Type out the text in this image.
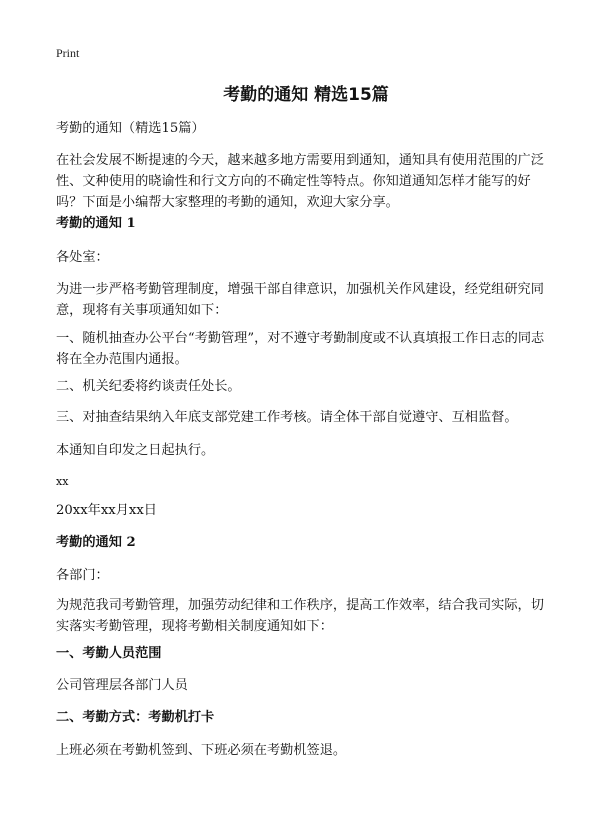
Print
考勤的通知 精选15篇
考勤的通知（精选15篇）
在社会发展不断提速的今天，越来越多地方需要用到通知，通知具有使用范围的广泛性、文种使用的晓谕性和行文方向的不确定性等特点。你知道通知怎样才能写的好吗？下面是小编帮大家整理的考勤的通知，欢迎大家分享。
考勤的通知 1
各处室：
为进一步严格考勤管理制度，增强干部自律意识，加强机关作风建设，经党组研究同意，现将有关事项通知如下：
一、随机抽查办公平台“考勤管理”，对不遵守考勤制度或不认真填报工作日志的同志将在全办范围内通报。
二、机关纪委将约谈责任处长。
三、对抽查结果纳入年底支部党建工作考核。请全体干部自觉遵守、互相监督。
本通知自印发之日起执行。
xx
20xx年xx月xx日
考勤的通知 2
各部门：
为规范我司考勤管理，加强劳动纪律和工作秩序，提高工作效率，结合我司实际，切实落实考勤管理，现将考勤相关制度通知如下：
一、考勤人员范围
公司管理层各部门人员
二、考勤方式：考勤机打卡
上班必须在考勤机签到、下班必须在考勤机签退。
